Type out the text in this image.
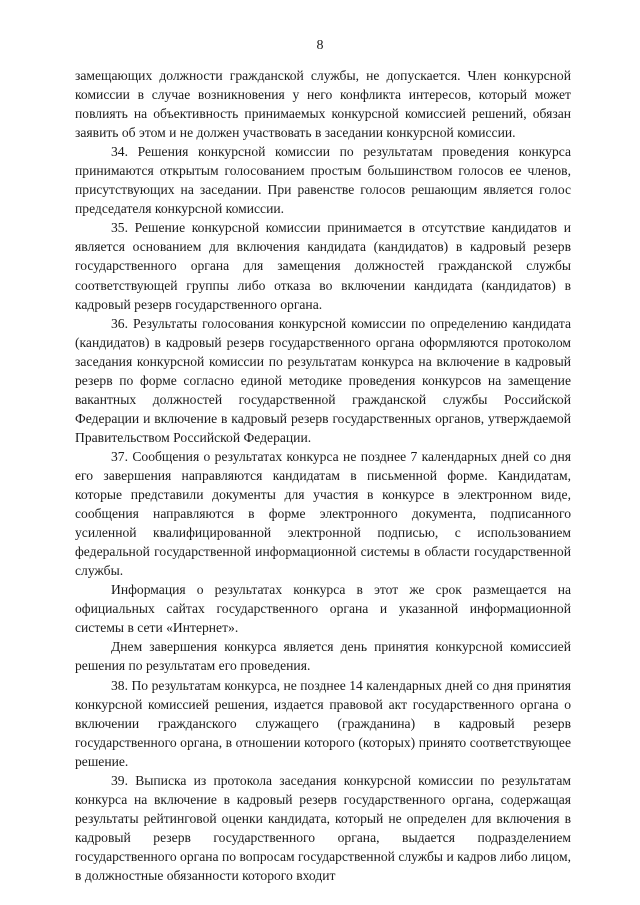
8

замещающих должности гражданской службы, не допускается. Член конкурсной комиссии в случае возникновения у него конфликта интересов, который может повлиять на объективность принимаемых конкурсной комиссией решений, обязан заявить об этом и не должен участвовать в заседании конкурсной комиссии.

34. Решения конкурсной комиссии по результатам проведения конкурса принимаются открытым голосованием простым большинством голосов ее членов, присутствующих на заседании. При равенстве голосов решающим является голос председателя конкурсной комиссии.

35. Решение конкурсной комиссии принимается в отсутствие кандидатов и является основанием для включения кандидата (кандидатов) в кадровый резерв государственного органа для замещения должностей гражданской службы соответствующей группы либо отказа во включении кандидата (кандидатов) в кадровый резерв государственного органа.

36. Результаты голосования конкурсной комиссии по определению кандидата (кандидатов) в кадровый резерв государственного органа оформляются протоколом заседания конкурсной комиссии по результатам конкурса на включение в кадровый резерв по форме согласно единой методике проведения конкурсов на замещение вакантных должностей государственной гражданской службы Российской Федерации и включение в кадровый резерв государственных органов, утверждаемой Правительством Российской Федерации.

37. Сообщения о результатах конкурса не позднее 7 календарных дней со дня его завершения направляются кандидатам в письменной форме. Кандидатам, которые представили документы для участия в конкурсе в электронном виде, сообщения направляются в форме электронного документа, подписанного усиленной квалифицированной электронной подписью, с использованием федеральной государственной информационной системы в области государственной службы.

Информация о результатах конкурса в этот же срок размещается на официальных сайтах государственного органа и указанной информационной системы в сети «Интернет».

Днем завершения конкурса является день принятия конкурсной комиссией решения по результатам его проведения.

38. По результатам конкурса, не позднее 14 календарных дней со дня принятия конкурсной комиссией решения, издается правовой акт государственного органа о включении гражданского служащего (гражданина) в кадровый резерв государственного органа, в отношении которого (которых) принято соответствующее решение.

39. Выписка из протокола заседания конкурсной комиссии по результатам конкурса на включение в кадровый резерв государственного органа, содержащая результаты рейтинговой оценки кандидата, который не определен для включения в кадровый резерв государственного органа, выдается подразделением государственного органа по вопросам государственной службы и кадров либо лицом, в должностные обязанности которого входит
